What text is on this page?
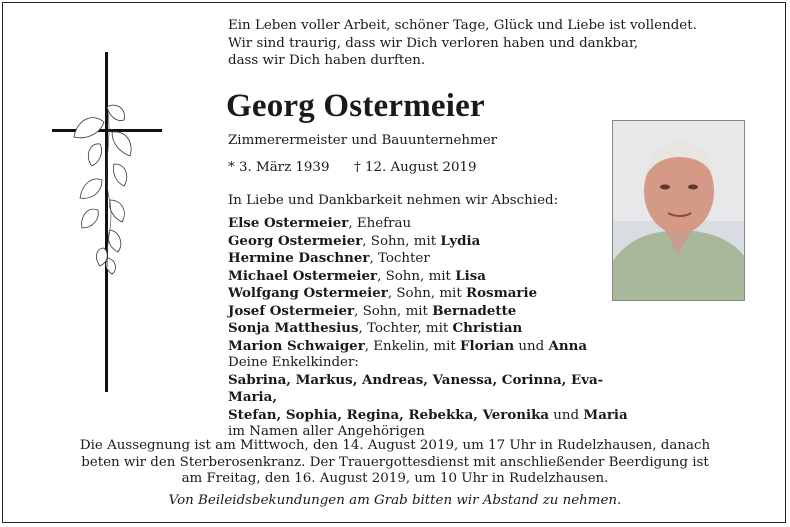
Ein Leben voller Arbeit, schöner Tage, Glück und Liebe ist vollendet.
Wir sind traurig, dass wir Dich verloren haben und dankbar,
dass wir Dich haben durften.
Georg Ostermeier
Zimmerermeister und Bauunternehmer
* 3. März 1939 † 12. August 2019
In Liebe und Dankbarkeit nehmen wir Abschied:
Else Ostermeier, Ehefrau
Georg Ostermeier, Sohn, mit Lydia
Hermine Daschner, Tochter
Michael Ostermeier, Sohn, mit Lisa
Wolfgang Ostermeier, Sohn, mit Rosmarie
Josef Ostermeier, Sohn, mit Bernadette
Sonja Matthesius, Tochter, mit Christian
Marion Schwaiger, Enkelin, mit Florian und Anna
Deine Enkelkinder:
Sabrina, Markus, Andreas, Vanessa, Corinna, Eva-Maria,
Stefan, Sophia, Regina, Rebekka, Veronika und Maria
im Namen aller Angehörigen
Die Aussegnung ist am Mittwoch, den 14. August 2019, um 17 Uhr in Rudelzhausen, danach
beten wir den Sterberosenkranz. Der Trauergottesdienst mit anschließender Beerdigung ist
am Freitag, den 16. August 2019, um 10 Uhr in Rudelzhausen.
Von Beileidsbekundungen am Grab bitten wir Abstand zu nehmen.
